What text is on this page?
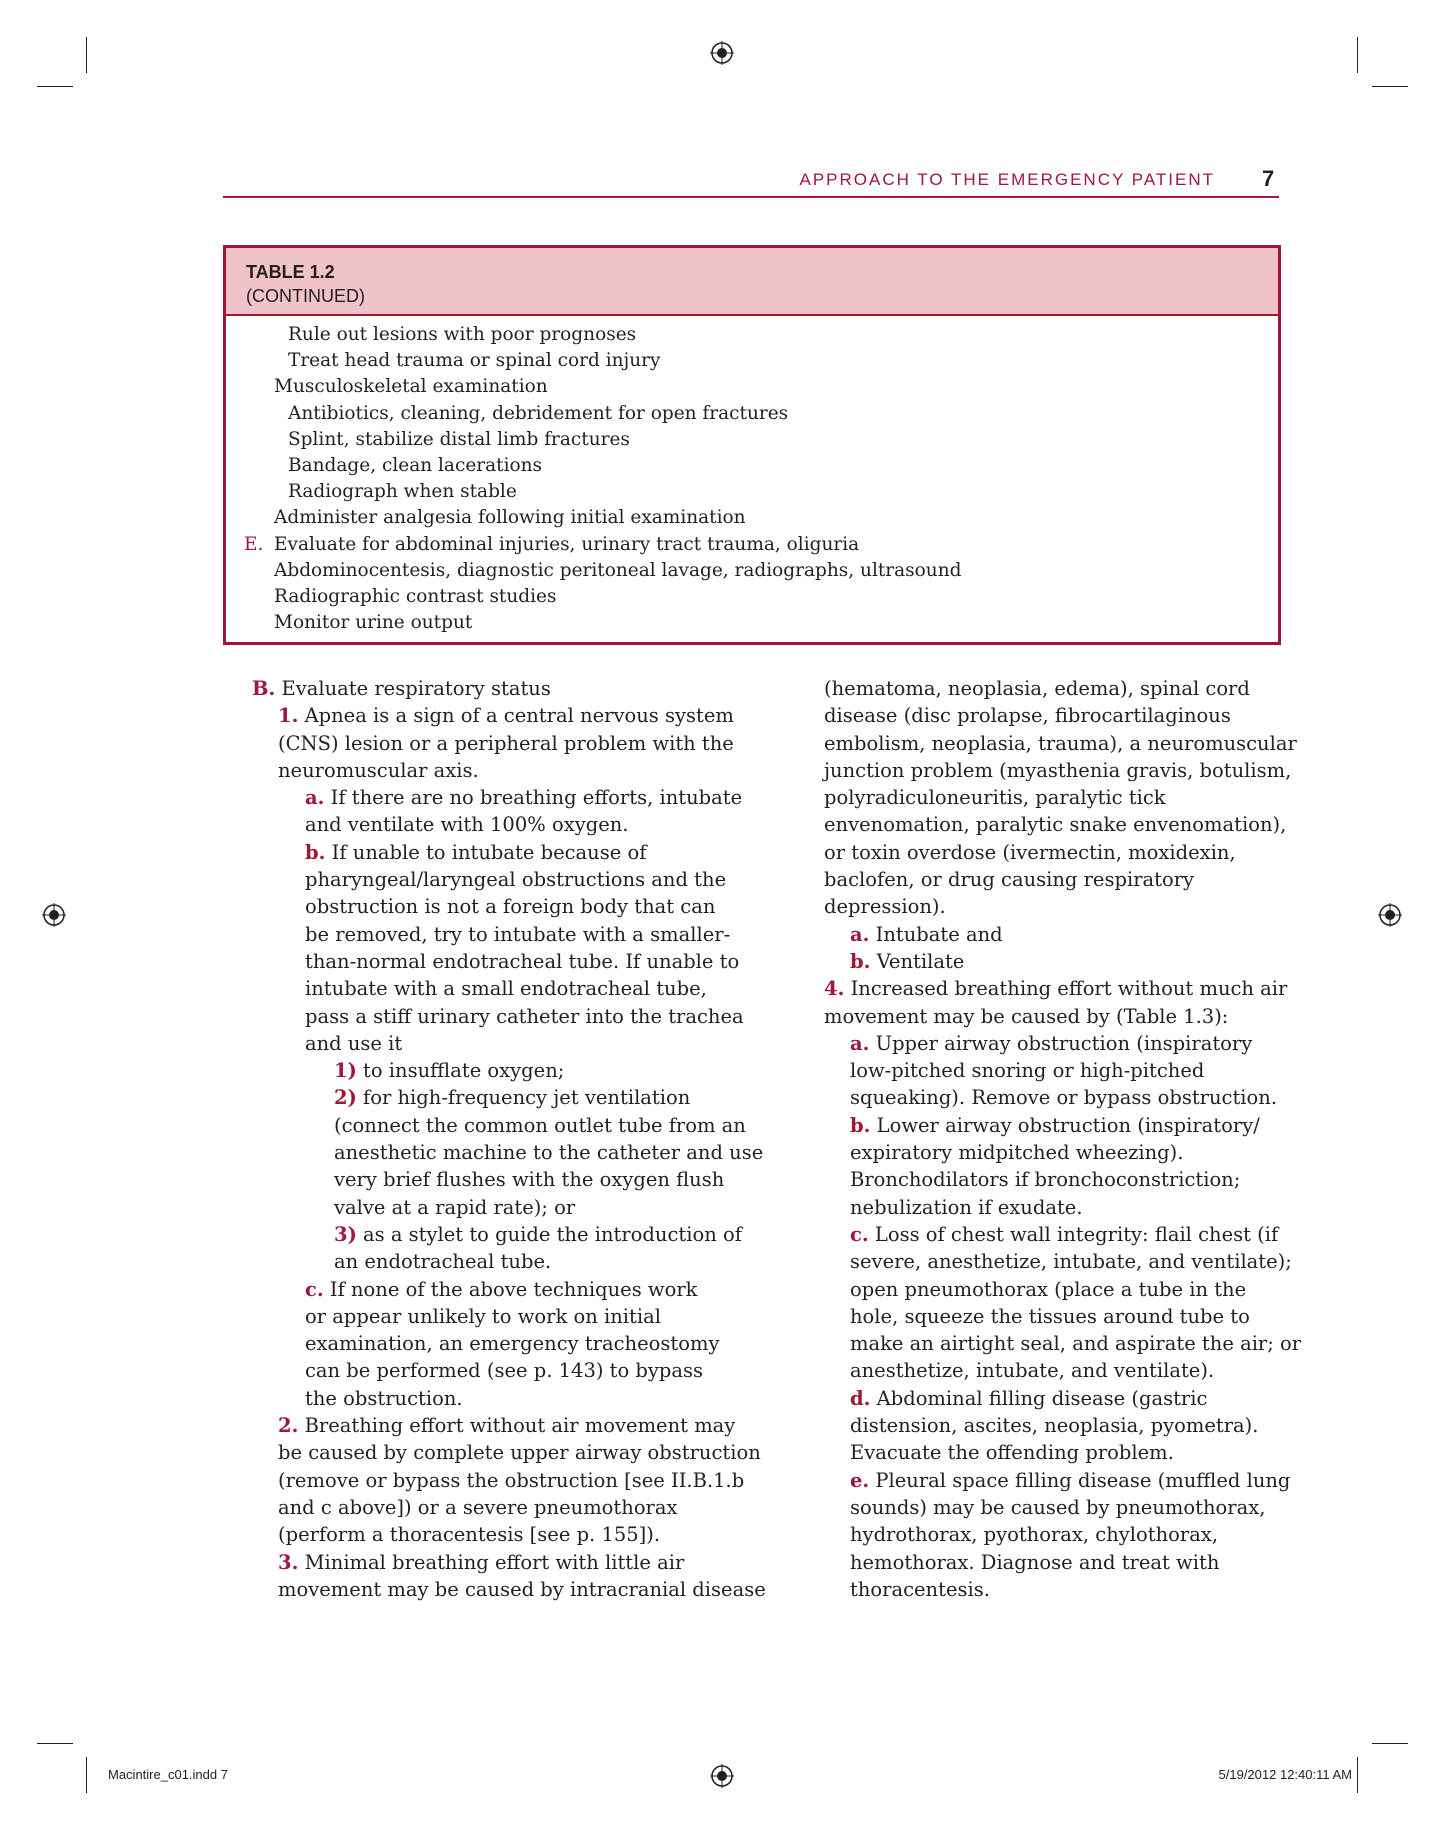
APPROACH TO THE EMERGENCY PATIENT 7
TABLE 1.2
(CONTINUED)
Rule out lesions with poor prognoses
Treat head trauma or spinal cord injury
Musculoskeletal examination
Antibiotics, cleaning, debridement for open fractures
Splint, stabilize distal limb fractures
Bandage, clean lacerations
Radiograph when stable
Administer analgesia following initial examination
E. Evaluate for abdominal injuries, urinary tract trauma, oliguria
Abdominocentesis, diagnostic peritoneal lavage, radiographs, ultrasound
Radiographic contrast studies
Monitor urine output

B. Evaluate respiratory status

1. Apnea is a sign of a central nervous system

(CNS) lesion or a peripheral problem with the

neuromuscular axis.

a. If there are no breathing efforts, intubate

and ventilate with 100% oxygen.

b. If unable to intubate because of

pharyngeal/laryngeal obstructions and the

obstruction is not a foreign body that can

be removed, try to intubate with a smaller-

than-normal endotracheal tube. If unable to

intubate with a small endotracheal tube,

pass a stiff urinary catheter into the trachea

and use it

1) to insufflate oxygen;

2) for high-frequency jet ventilation

(connect the common outlet tube from an

anesthetic machine to the catheter and use

very brief flushes with the oxygen flush

valve at a rapid rate); or

3) as a stylet to guide the introduction of

an endotracheal tube.

c. If none of the above techniques work

or appear unlikely to work on initial

examination, an emergency tracheostomy

can be performed (see p. 143) to bypass

the obstruction.

2. Breathing effort without air movement may

be caused by complete upper airway obstruction

(remove or bypass the obstruction [see II.B.1.b

and c above]) or a severe pneumothorax

(perform a thoracentesis [see p. 155]).

3. Minimal breathing effort with little air

movement may be caused by intracranial disease

(hematoma, neoplasia, edema), spinal cord

disease (disc prolapse, fibrocartilaginous

embolism, neoplasia, trauma), a neuromuscular

junction problem (myasthenia gravis, botulism,

polyradiculoneuritis, paralytic tick

envenomation, paralytic snake envenomation),

or toxin overdose (ivermectin, moxidexin,

baclofen, or drug causing respiratory

depression).

a. Intubate and

b. Ventilate

4. Increased breathing effort without much air

movement may be caused by (Table 1.3):

a. Upper airway obstruction (inspiratory

low-pitched snoring or high-pitched

squeaking). Remove or bypass obstruction.

b. Lower airway obstruction (inspiratory/

expiratory midpitched wheezing).

Bronchodilators if bronchoconstriction;

nebulization if exudate.

c. Loss of chest wall integrity: flail chest (if

severe, anesthetize, intubate, and ventilate);

open pneumothorax (place a tube in the

hole, squeeze the tissues around tube to

make an airtight seal, and aspirate the air; or

anesthetize, intubate, and ventilate).

d. Abdominal filling disease (gastric

distension, ascites, neoplasia, pyometra).

Evacuate the offending problem.

e. Pleural space filling disease (muffled lung

sounds) may be caused by pneumothorax,

hydrothorax, pyothorax, chylothorax,

hemothorax. Diagnose and treat with

thoracentesis.

Macintire_c01.indd 7	5/19/2012 12:40:11 AM
